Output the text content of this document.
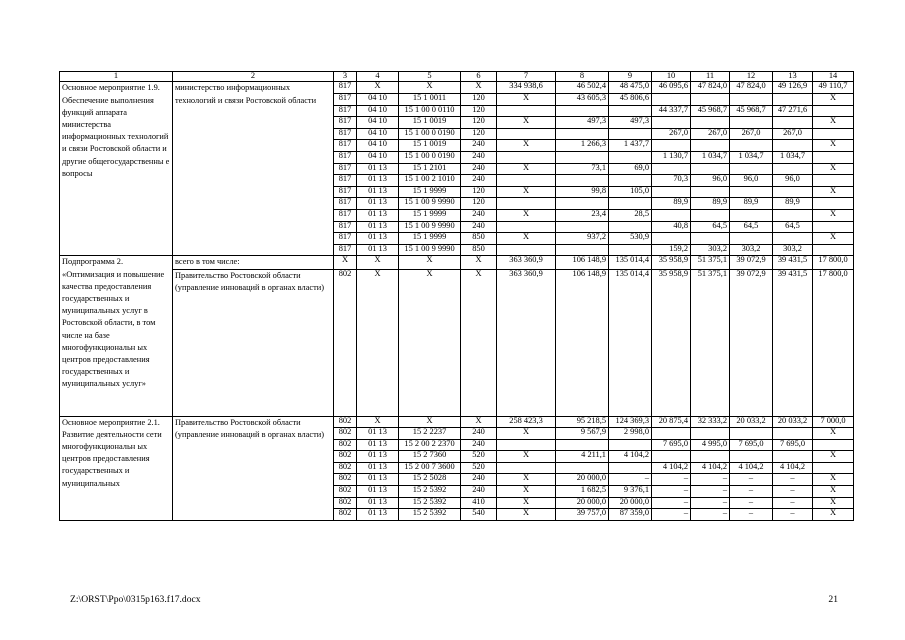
1	2	3	4	5	6	7	8	9	10	11	12	13	14
Основное мероприятие 1.9. Обеспечение выполнения функций аппарата министерства информационных технологий и связи Ростовской области и другие общегосударственны е вопросы	министерство информационных технологий и связи Ростовской области	817	X	X	X	334 938,6	46 502,4	48 475,0	46 095,6	47 824,0	47 824,0	49 126,9	49 110,7
		817	04 10	15 1 0011	120	X	43 605,3	45 806,6					X
		817	04 10	15 1 00 0 0110	120				44 337,7	45 968,7	45 968,7	47 271,6	
		817	04 10	15 1 0019	120	X	497,3	497,3					X
		817	04 10	15 1 00 0 0190	120				267,0	267,0	267,0	267,0	
		817	04 10	15 1 0019	240	X	1 266,3	1 437,7					X
		817	04 10	15 1 00 0 0190	240				1 130,7	1 034,7	1 034,7	1 034,7	
		817	01 13	15 1 2101	240	X	73,1	69,0					X
		817	01 13	15 1 00 2 1010	240				70,3	96,0	96,0	96,0	
		817	01 13	15 1 9999	120	X	99,8	105,0					X
		817	01 13	15 1 00 9 9990	120				89,9	89,9	89,9	89,9	
		817	01 13	15 1 9999	240	X	23,4	28,5					X
		817	01 13	15 1 00 9 9990	240				40,8	64,5	64,5	64,5	
		817	01 13	15 1 9999	850	X	937,2	530,9					X
		817	01 13	15 1 00 9 9990	850				159,2	303,2	303,2	303,2	
Подпрограмма 2. «Оптимизация и повышение качества предоставления государственных и муниципальных услуг в Ростовской области, в том числе на базе многофункциональн ых центров предоставления государственных и муниципальных услуг»	всего в том числе:	X	X	X	X	363 360,9	106 148,9	135 014,4	35 958,9	51 375,1	39 072,9	39 431,5	17 800,0
	Правительство Ростовской области (управление инноваций в органах власти)	802	X	X	X	363 360,9	106 148,9	135 014,4	35 958,9	51 375,1	39 072,9	39 431,5	17 800,0
Основное мероприятие 2.1. Развитие деятельности сети многофункциональн ых центров предоставления государственных и муниципальных	Правительство Ростовской области (управление инноваций в органах власти)	802	X	X	X	258 423,3	95 218,5	124 369,3	20 875,4	32 333,2	20 033,2	20 033,2	7 000,0
		802	01 13	15 2 2237	240	X	9 567,9	2 998,0					X
		802	01 13	15 2 00 2 2370	240				7 695,0	4 995,0	7 695,0	7 695,0	
		802	01 13	15 2 7360	520	X	4 211,1	4 104,2					X
		802	01 13	15 2 00 7 3600	520				4 104,2	4 104,2	4 104,2	4 104,2	
		802	01 13	15 2 5028	240	X	20 000,0	–	–	–	–	–	X
		802	01 13	15 2 5392	240	X	1 682,5	9 376,1	–	–	–	–	X
		802	01 13	15 2 5392	410	X	20 000,0	20 000,0	–	–	–	–	X
		802	01 13	15 2 5392	540	X	39 757,0	87 359,0	–	–	–	–	X
Z:\ORST\Ppo\0315p163.f17.docx	21
